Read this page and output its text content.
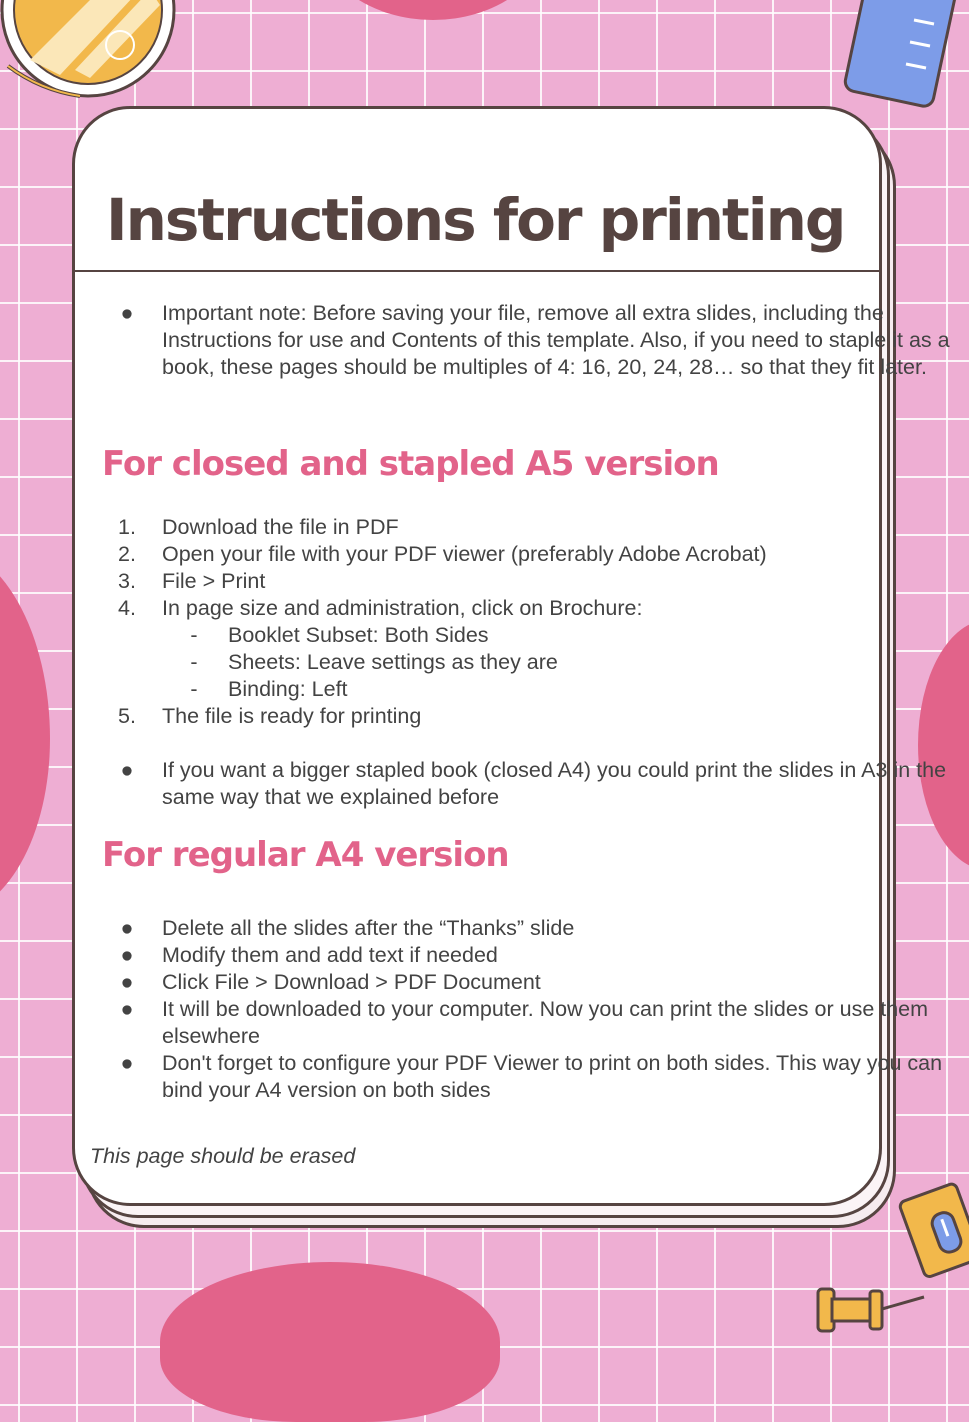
Instructions for printing
●	Important note: Before saving your file, remove all extra slides, including the Instructions for use and Contents of this template. Also, if you need to staple it as a book, these pages should be multiples of 4: 16, 20, 24, 28… so that they fit later.
For closed and stapled A5 version
1. Download the file in PDF
2. Open your file with your PDF viewer (preferably Adobe Acrobat)
3. File > Print
4. In page size and administration, click on Brochure:
- Booklet Subset: Both Sides
- Sheets: Leave settings as they are
- Binding: Left
5. The file is ready for printing
●	If you want a bigger stapled book (closed A4) you could print the slides in A3 in the same way that we explained before
For regular A4 version
●	Delete all the slides after the “Thanks” slide
●	Modify them and add text if needed
●	Click File > Download > PDF Document
●	It will be downloaded to your computer. Now you can print the slides or use them elsewhere
●	Don't forget to configure your PDF Viewer to print on both sides. This way you can bind your A4 version on both sides

This page should be erased
